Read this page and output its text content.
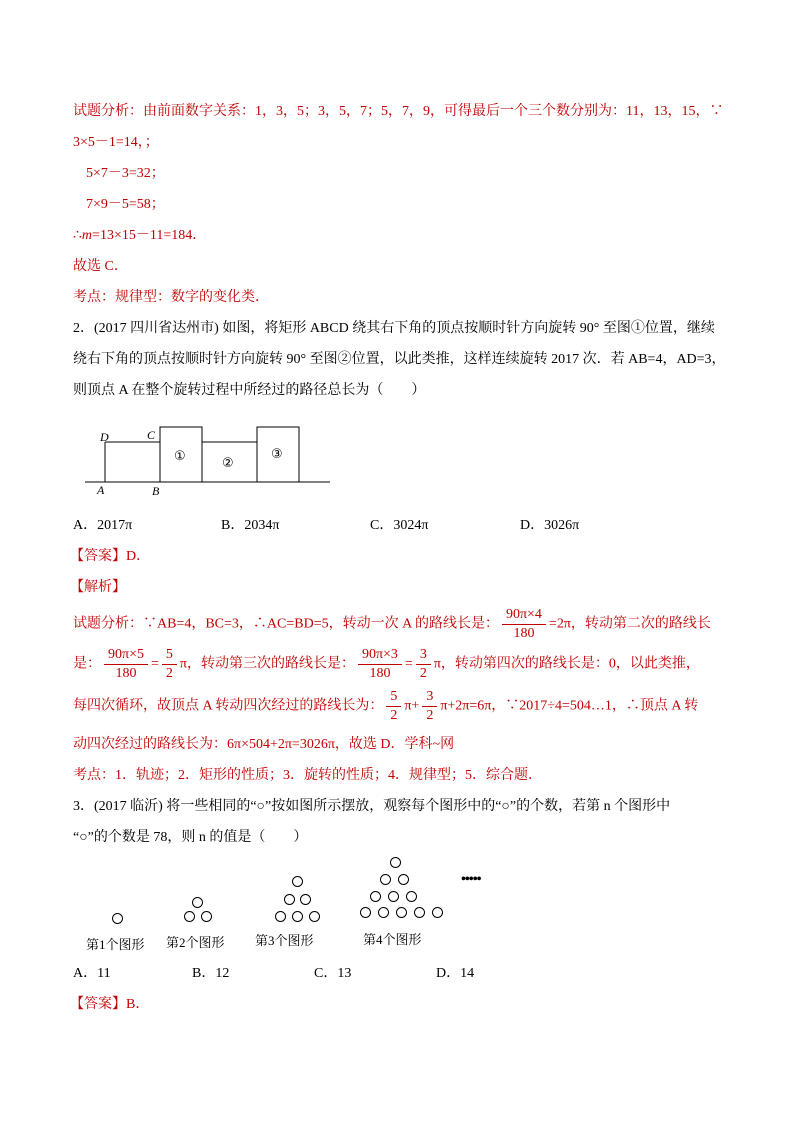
试题分析：由前面数字关系：1，3，5；3，5，7；5，7，9，可得最后一个三个数分别为：11，13，15，∵
3×5－1=14，；
5×7－3=32；
7×9－5=58；
∴m=13×15－11=184．
故选 C．
考点：规律型：数字的变化类．
2．(2017 四川省达州市) 如图，将矩形 ABCD 绕其右下角的顶点按顺时针方向旋转 90° 至图①位置，继续
绕右下角的顶点按顺时针方向旋转 90° 至图②位置，以此类推，这样连续旋转 2017 次．若 AB=4，AD=3，
则顶点 A 在整个旋转过程中所经过的路径总长为（　　）
D	C
A	B
①	②
③
A．2017π	B．2034π	C．3024π	D．3026π
【答案】D．
【解析】
试题分析：∵AB=4，BC=3，∴AC=BD=5，转动一次 A 的路线长是： $\frac{90\pi\times 4}{180} =2\pi$，转动第二次的路线长
是： $\frac{90\pi\times 5}{180} = \frac{5}{2}$ π，转动第三次的路线长是： $\frac{90\pi\times 3}{180} = \frac{3}{2}$ π，转动第四次的路线长是：0，以此类推，
每四次循环，故顶点 A 转动四次经过的路线长为： $\frac{5}{2} \pi+ \frac{3}{2} \pi+2\pi=6\pi$，∵2017÷4=504…1，∴顶点 A 转
动四次经过的路线长为：6π×504+2π=3026π，故选 D．学科~网
考点：1．轨迹；2．矩形的性质；3．旋转的性质；4．规律型；5．综合题．
3．(2017 临沂) 将一些相同的“○”按如图所示摆放，观察每个图形中的“○”的个数，若第 n 个图形中
“○”的个数是 78，则 n 的值是（　　）
•••••
第1个图形 第2个图形 第3个图形	第4个图形
A．11	B．12	C．13	D．14
【答案】B．
